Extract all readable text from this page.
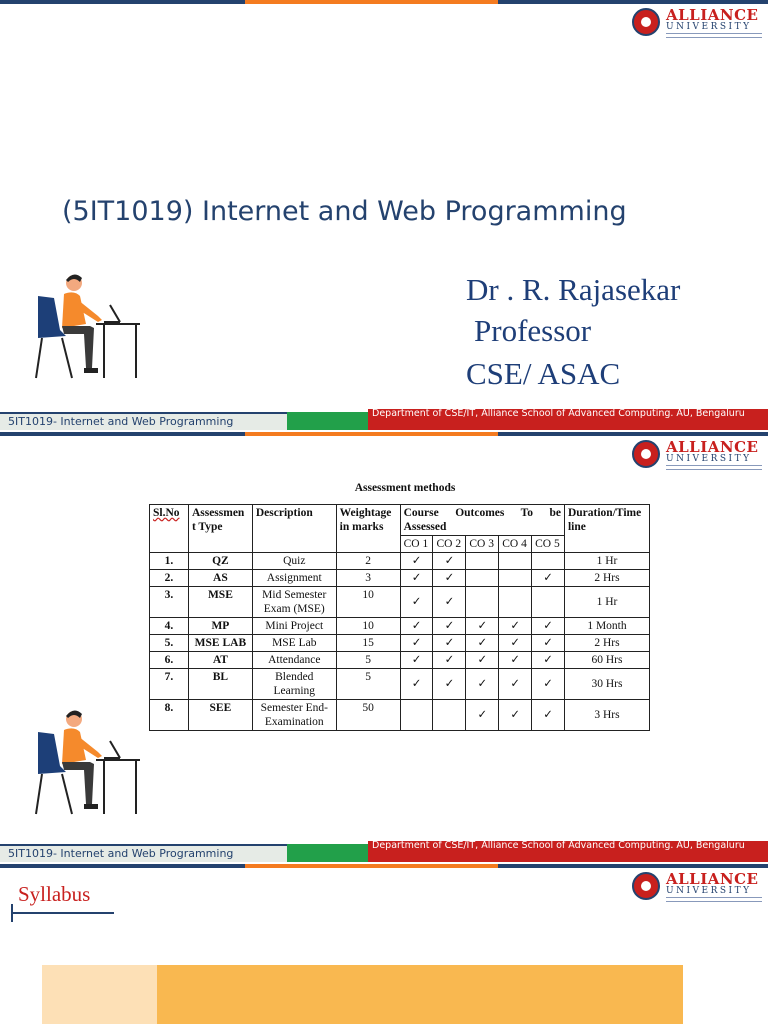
ALLIANCE
UNIVERSITY
(5IT1019) Internet and Web Programming
Dr . R. Rajasekar
Professor
CSE/ ASAC
5IT1019- Internet and Web Programming
Department of CSE/IT, Alliance School of Advanced Computing. AU, Bengaluru
ALLIANCE
UNIVERSITY
Assessment methods
Sl.No	Assessmen t Type	Description	Weightage in marks	Course Outcomes To be Assessed					Duration/Time line
				CO 1	CO 2	CO 3	CO 4	CO 5	
1.	QZ	Quiz	2	✓	✓				1 Hr
2.	AS	Assignment	3	✓	✓			✓	2 Hrs
3.	MSE	Mid Semester Exam (MSE)	10	✓	✓				1 Hr
4.	MP	Mini Project	10	✓	✓	✓	✓	✓	1 Month
5.	MSE LAB	MSE Lab	15	✓	✓	✓	✓	✓	2 Hrs
6.	AT	Attendance	5	✓	✓	✓	✓	✓	60 Hrs
7.	BL	Blended Learning	5	✓	✓	✓	✓	✓	30 Hrs
8.	SEE	Semester End-Examination	50			✓	✓	✓	3 Hrs
5IT1019- Internet and Web Programming
Department of CSE/IT, Alliance School of Advanced Computing. AU, Bengaluru
ALLIANCE
UNIVERSITY
Syllabus
